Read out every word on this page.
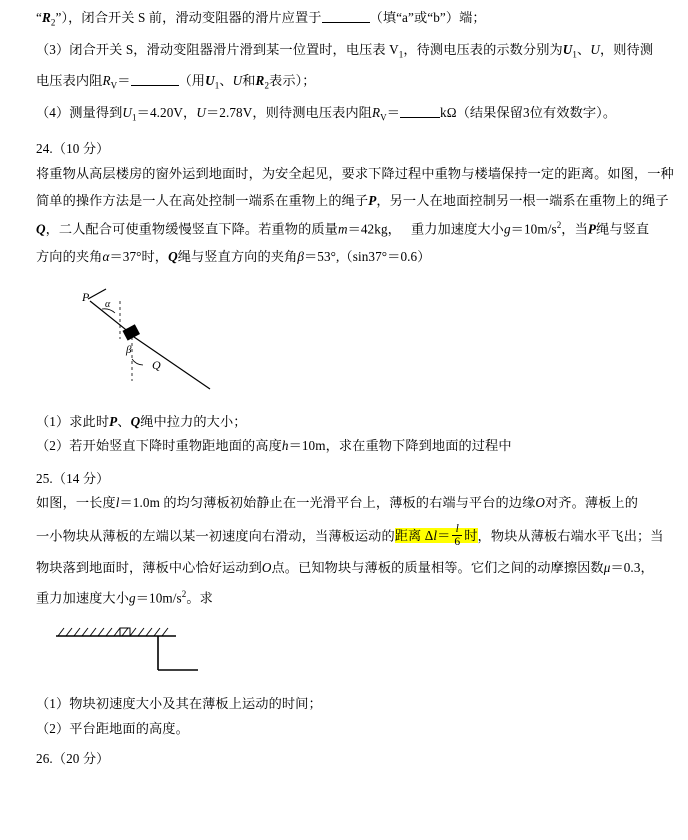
“$R_2$”），闭合开关 S 前，滑动变阻器的滑片应置于	（填“a”或“b”）端；
（3）闭合开关 S，滑动变阻器滑片滑到某一位置时，电压表 $V_1$，待测电压表的示数分别为$U_1$、U，则待测
电压表内阻$R_V=$	（用$U_1$、U和$R_2$表示）；
（4）测量得到$U_1=4.20V$，U＝2.78V，则待测电压表内阻$R_V=$	kΩ（结果保留3位有效数字）。
24.（10 分）
将重物从高层楼房的窗外运到地面时，为安全起见，要求下降过程中重物与楼墙保持一定的距离。如图，一种
简单的操作方法是一人在高处控制一端系在重物上的绳子P，另一人在地面控制另一根一端系在重物上的绳子
Q，二人配合可使重物缓慢竖直下降。若重物的质量m＝42kg， 重力加速度大小$g=10m/s^2$，当P绳与竖直
方向的夹角α＝37°时，Q绳与竖直方向的夹角β＝53°,（sin37°＝0.6）
P
α
β
Q
（1）求此时P、Q绳中拉力的大小；
（2）若开始竖直下降时重物距地面的高度h＝10m，求在重物下降到地面的过程中
25.（14 分）
如图，一长度l＝1.0m 的均匀薄板初始静止在一光滑平台上，薄板的右端与平台的边缘O对齐。薄板上的
一小物块从薄板的左端以某一初速度向右滑动，当薄板运动的距离 $\Delta l= \frac{l}{6}$ 时，物块从薄板右端水平飞出；当
物块落到地面时，薄板中心恰好运动到O点。已知物块与薄板的质量相等。它们之间的动摩擦因数μ＝0.3，
重力加速度大小$g=10m/s^2$。求
（1）物块初速度大小及其在薄板上运动的时间；
（2）平台距地面的高度。
26.（20 分）
